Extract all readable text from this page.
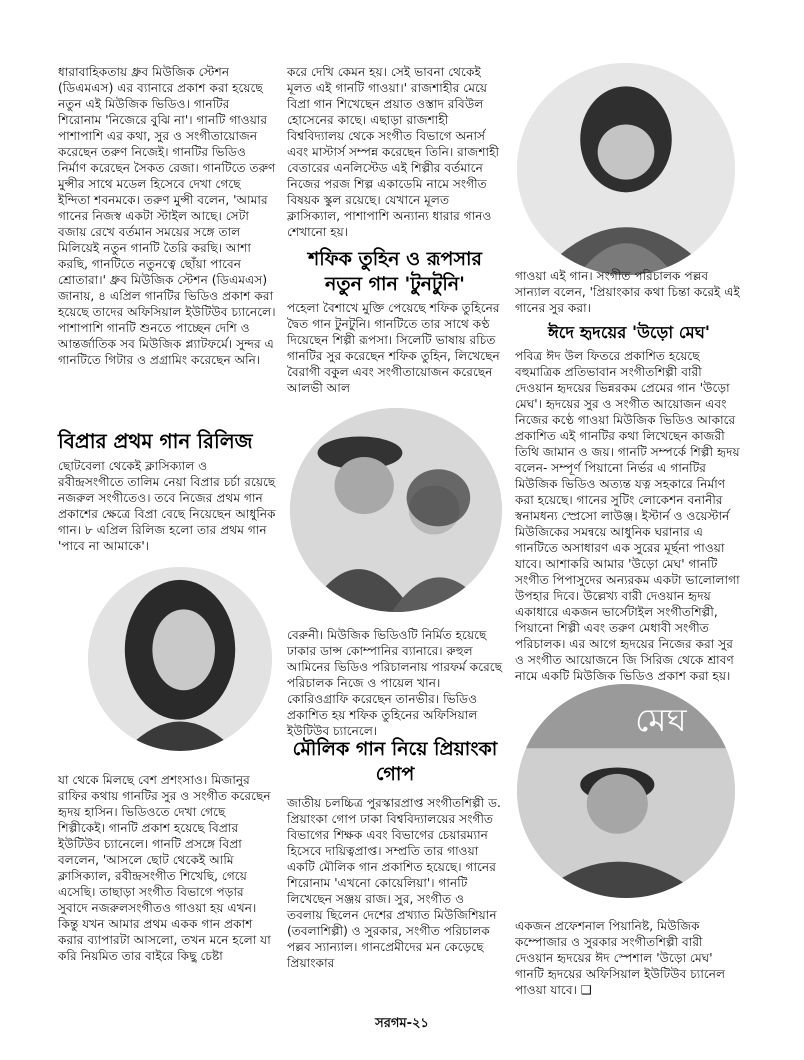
ধারাবাহিকতায় ধ্রুব মিউজিক স্টেশন (ডিএমএস) এর ব্যানারে প্রকাশ করা হয়েছে নতুন এই মিউজিক ভিডিও। গানটির শিরোনাম 'নিজেরে বুঝি না'। গানটি গাওয়ার পাশাপাশি এর কথা, সুর ও সংগীতায়োজন করেছেন তরুণ নিজেই। গানটির ভিডিও নির্মাণ করেছেন সৈকত রেজা। গানটিতে তরুণ মুন্সীর সাথে মডেল হিসেবে দেখা গেছে ইন্দিতা শবনমকে। তরুণ মুন্সী বলেন, 'আমার গানের নিজস্ব একটা স্টাইল আছে। সেটা বজায় রেখে বর্তমান সময়ের সঙ্গে তাল মিলিয়েই নতুন গানটি তৈরি করছি। আশা করছি, গানটিতে নতুনত্বে ছোঁয়া পাবেন শ্রোতারা।' ধ্রুব মিউজিক স্টেশন (ডিএমএস) জানায়, ৪ এপ্রিল গানটির ভিডিও প্রকাশ করা হয়েছে তাদের অফিসিয়াল ইউটিউব চ্যানেলে। পাশাপাশি গানটি শুনতে পাচ্ছেন দেশি ও আন্তর্জাতিক সব মিউজিক প্ল্যাটফর্মে। সুন্দর এ গানটিতে গিটার ও প্রগ্রামিং করেছেন অনি।

বিপ্রার প্রথম গান রিলিজ

ছোটবেলা থেকেই ক্লাসিক্যাল ও রবীন্দ্রসংগীতে তালিম নেয়া বিপ্রার চর্চা রয়েছে নজরুল সংগীতেও। তবে নিজের প্রথম গান প্রকাশের ক্ষেত্রে বিপ্রা বেছে নিয়েছেন আধুনিক গান। ৮ এপ্রিল রিলিজ হলো তার প্রথম গান 'পাবে না আমাকে'।

যা থেকে মিলছে বেশ প্রশংসাও। মিজানুর রাফির কথায় গানটির সুর ও সংগীত করেছেন হৃদয় হাসিন। ভিডিওতে দেখা গেছে শিল্পীকেই। গানটি প্রকাশ হয়েছে বিপ্রার ইউটিউব চ্যানেলে। গানটি প্রসঙ্গে বিপ্রা বললেন, 'আসলে ছোট থেকেই আমি ক্লাসিক্যাল, রবীন্দ্রসংগীত শিখেছি, গেয়ে এসেছি। তাছাড়া সংগীত বিভাগে পড়ার সুবাদে নজরুলসংগীতও গাওয়া হয় এখন। কিন্তু যখন আমার প্রথম একক গান প্রকাশ করার ব্যাপারটা আসলো, তখন মনে হলো যা করি নিয়মিত তার বাইরে কিছু চেষ্টা

করে দেখি কেমন হয়। সেই ভাবনা থেকেই মূলত এই গানটি গাওয়া।' রাজশাহীর মেয়ে বিপ্রা গান শিখেছেন প্রয়াত ওস্তাদ রবিউল হোসেনের কাছে। এছাড়া রাজশাহী বিশ্ববিদ্যালয় থেকে সংগীত বিভাগে অনার্স এবং মাস্টার্স সম্পন্ন করেছেন তিনি। রাজশাহী বেতারের এনলিস্টেড এই শিল্পীর বর্তমানে নিজের পরজ শিল্প একাডেমি নামে সংগীত বিষয়ক স্কুল রয়েছে। যেখানে মূলত ক্লাসিক্যাল, পাশাপাশি অন্যান্য ধারার গানও শেখানো হয়।

শফিক তুহিন ও রূপসার নতুন গান 'টুনটুনি'

পহেলা বৈশাখে মুক্তি পেয়েছে শফিক তুহিনের দ্বৈত গান টুনটুনি। গানটিতে তার সাথে কণ্ঠ দিয়েছেন শিল্পী রূপসা। সিলেটি ভাষায় রচিত গানটির সুর করেছেন শফিক তুহিন, লিখেছেন বৈরাগী বকুল এবং সংগীতায়োজন করেছেন আলভী আল

বেরুনী। মিউজিক ভিডিওটি নির্মিত হয়েছে ঢাকার ডান্স কোম্পানির ব্যানারে। রুহুল আমিনের ভিডিও পরিচালনায় পারফর্ম করেছে পরিচালক নিজে ও পায়েল খান। কোরিওগ্রাফি করেছেন তানভীর। ভিডিও প্রকাশিত হয় শফিক তুহিনের অফিসিয়াল ইউটিউব চ্যানেলে।

মৌলিক গান নিয়ে প্রিয়াংকা গোপ

জাতীয় চলচ্চিত্র পুরস্কারপ্রাপ্ত সংগীতশিল্পী ড. প্রিয়াংকা গোপ ঢাকা বিশ্ববিদ্যালয়ের সংগীত বিভাগের শিক্ষক এবং বিভাগের চেয়ারম্যান হিসেবে দায়িত্বপ্রাপ্ত। সম্প্রতি তার গাওয়া একটি মৌলিক গান প্রকাশিত হয়েছে। গানের শিরোনাম 'এখনো কোয়েলিয়া'। গানটি লিখেছেন সঞ্জয় রাজ। সুর, সংগীত ও তবলায় ছিলেন দেশের প্রখ্যাত মিউজিশিয়ান (তবলাশিল্পী) ও সুরকার, সংগীত পরিচালক পল্লব স্যান্যাল। গানপ্রেমীদের মন কেড়েছে প্রিয়াংকার

গাওয়া এই গান। সংগীত পরিচালক পল্লব সান্যাল বলেন, 'প্রিয়াংকার কথা চিন্তা করেই এই গানের সুর করা।

ঈদে হৃদয়ের 'উড়ো মেঘ'

পবিত্র ঈদ উল ফিতরে প্রকাশিত হয়েছে বহুমাত্রিক প্রতিভাবান সংগীতশিল্পী বারী দেওয়ান হৃদয়ের ভিন্নরকম প্রেমের গান 'উড়ো মেঘ'। হৃদয়ের সুর ও সংগীত আয়োজন এবং নিজের কণ্ঠে গাওয়া মিউজিক ভিডিও আকারে প্রকাশিত এই গানটির কথা লিখেছেন কাজরী তিথি জামান ও জয়। গানটি সম্পর্কে শিল্পী হৃদয় বলেন- সম্পূর্ণ পিয়ানো নির্ভর এ গানটির মিউজিক ভিডিও অত্যন্ত যত্ন সহকারে নির্মাণ করা হয়েছে। গানের সুটিং লোকেশন বনানীর স্বনামধন্য স্প্রেসো লাউঞ্জ। ইস্টার্ন ও ওয়েস্টার্ন মিউজিকের সমন্বয়ে আধুনিক ঘরানার এ গানটিতে অসাধারণ এক সুরের মূর্ছনা পাওয়া যাবে। আশাকরি আমার 'উড়ো মেঘ' গানটি সংগীত পিপাসুদের অন্যরকম একটা ভালোলাগা উপহার দিবে। উল্লেখ্য বারী দেওয়ান হৃদয় একাধারে একজন ভার্সেটাইল সংগীতশিল্পী, পিয়ানো শিল্পী এবং তরুণ মেধাবী সংগীত পরিচালক। এর আগে হৃদয়ের নিজের করা সুর ও সংগীত আয়োজনে জি সিরিজ থেকে শ্রাবণ নামে একটি মিউজিক ভিডিও প্রকাশ করা হয়।

মেঘ

একজন প্রফেশনাল পিয়ানিষ্ট, মিউজিক কম্পোজার ও সুরকার সংগীতশিল্পী বারী দেওয়ান হৃদয়ের ঈদ স্পেশাল 'উড়ো মেঘ' গানটি হৃদয়ের অফিসিয়াল ইউটিউব চ্যানেল পাওয়া যাবে। ❑

সরগম-২১
